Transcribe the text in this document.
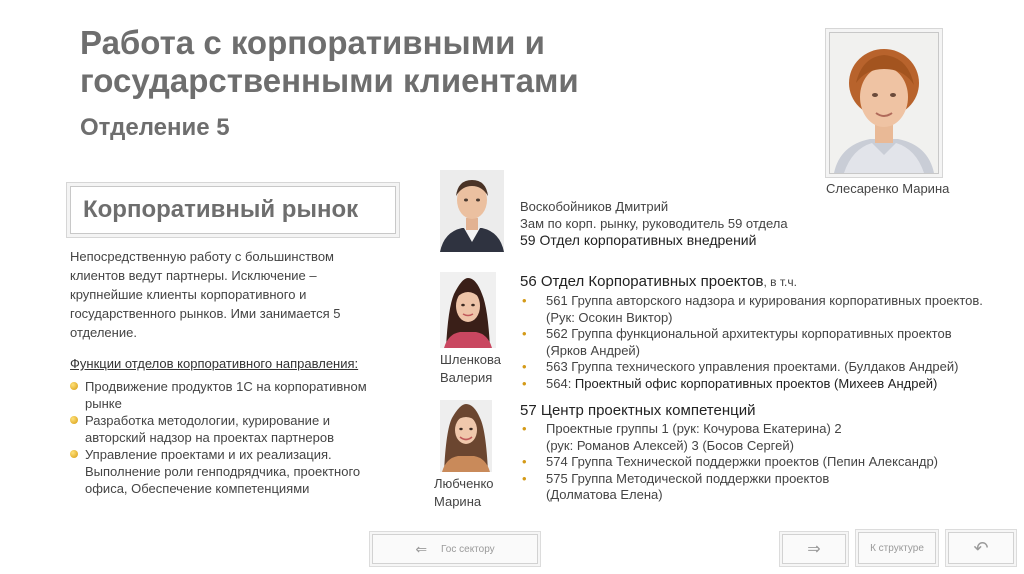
Работа с корпоративными и государственными клиентами
Отделение 5
Слесаренко Марина
Корпоративный рынок
Непосредственную работу с большинством клиентов ведут партнеры. Исключение – крупнейшие клиенты корпоративного и государственного рынков. Ими занимается 5 отделение.
Функции отделов корпоративного направления:
Продвижение продуктов 1С на корпоративном рынке
Разработка методологии, курирование и авторский надзор на проектах партнеров
Управление проектами и их реализация. Выполнение роли генподрядчика, проектного офиса, Обеспечение компетенциями
Воскобойников Дмитрий
Зам по корп. рынку, руководитель 59 отдела
59 Отдел корпоративных внедрений
Шленкова Валерия
Любченко Марина
56 Отдел Корпоративных проектов, в т.ч.
• 561 Группа авторского надзора и курирования корпоративных проектов. (Рук: Осокин Виктор)
• 562 Группа функциональной архитектуры корпоративных проектов (Ярков Андрей)
• 563 Группа технического управления проектами. (Булдаков Андрей)
• 564: Проектный офис корпоративных проектов (Михеев Андрей)
57 Центр проектных компетенций
• Проектные группы 1 (рук: Кочурова Екатерина) 2 (рук: Романов Алексей) 3 (Босов Сергей)
• 574 Группа Технической поддержки проектов (Пепин Александр)
• 575 Группа Методической поддержки проектов (Долматова Елена)
⇐ Гос сектору	⇒	К структуре	↶
